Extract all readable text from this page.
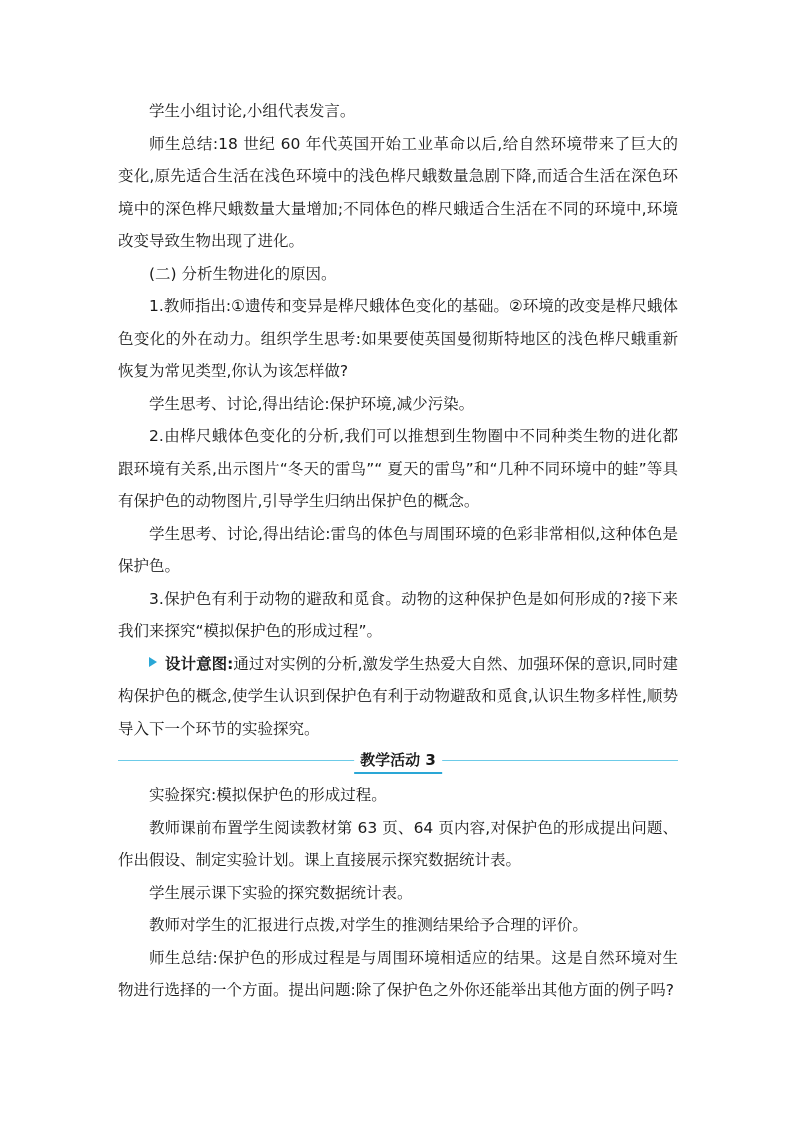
学生小组讨论,小组代表发言。

师生总结:18 世纪 60 年代英国开始工业革命以后,给自然环境带来了巨大的变化,原先适合生活在浅色环境中的浅色桦尺蛾数量急剧下降,而适合生活在深色环境中的深色桦尺蛾数量大量增加;不同体色的桦尺蛾适合生活在不同的环境中,环境改变导致生物出现了进化。

(二) 分析生物进化的原因。

1.教师指出:①遗传和变异是桦尺蛾体色变化的基础。②环境的改变是桦尺蛾体色变化的外在动力。组织学生思考:如果要使英国曼彻斯特地区的浅色桦尺蛾重新恢复为常见类型,你认为该怎样做?

学生思考、讨论,得出结论:保护环境,减少污染。

2.由桦尺蛾体色变化的分析,我们可以推想到生物圈中不同种类生物的进化都跟环境有关系,出示图片“冬天的雷鸟”“ 夏天的雷鸟”和“几种不同环境中的蛙”等具有保护色的动物图片,引导学生归纳出保护色的概念。

学生思考、讨论,得出结论:雷鸟的体色与周围环境的色彩非常相似,这种体色是保护色。

3.保护色有利于动物的避敌和觅食。动物的这种保护色是如何形成的?接下来我们来探究“模拟保护色的形成过程”。

设计意图:通过对实例的分析,激发学生热爱大自然、加强环保的意识,同时建构保护色的概念,使学生认识到保护色有利于动物避敌和觅食,认识生物多样性,顺势导入下一个环节的实验探究。

教学活动 3

实验探究:模拟保护色的形成过程。

教师课前布置学生阅读教材第 63 页、64 页内容,对保护色的形成提出问题、作出假设、制定实验计划。课上直接展示探究数据统计表。

学生展示课下实验的探究数据统计表。

教师对学生的汇报进行点拨,对学生的推测结果给予合理的评价。

师生总结:保护色的形成过程是与周围环境相适应的结果。这是自然环境对生物进行选择的一个方面。提出问题:除了保护色之外你还能举出其他方面的例子吗?
